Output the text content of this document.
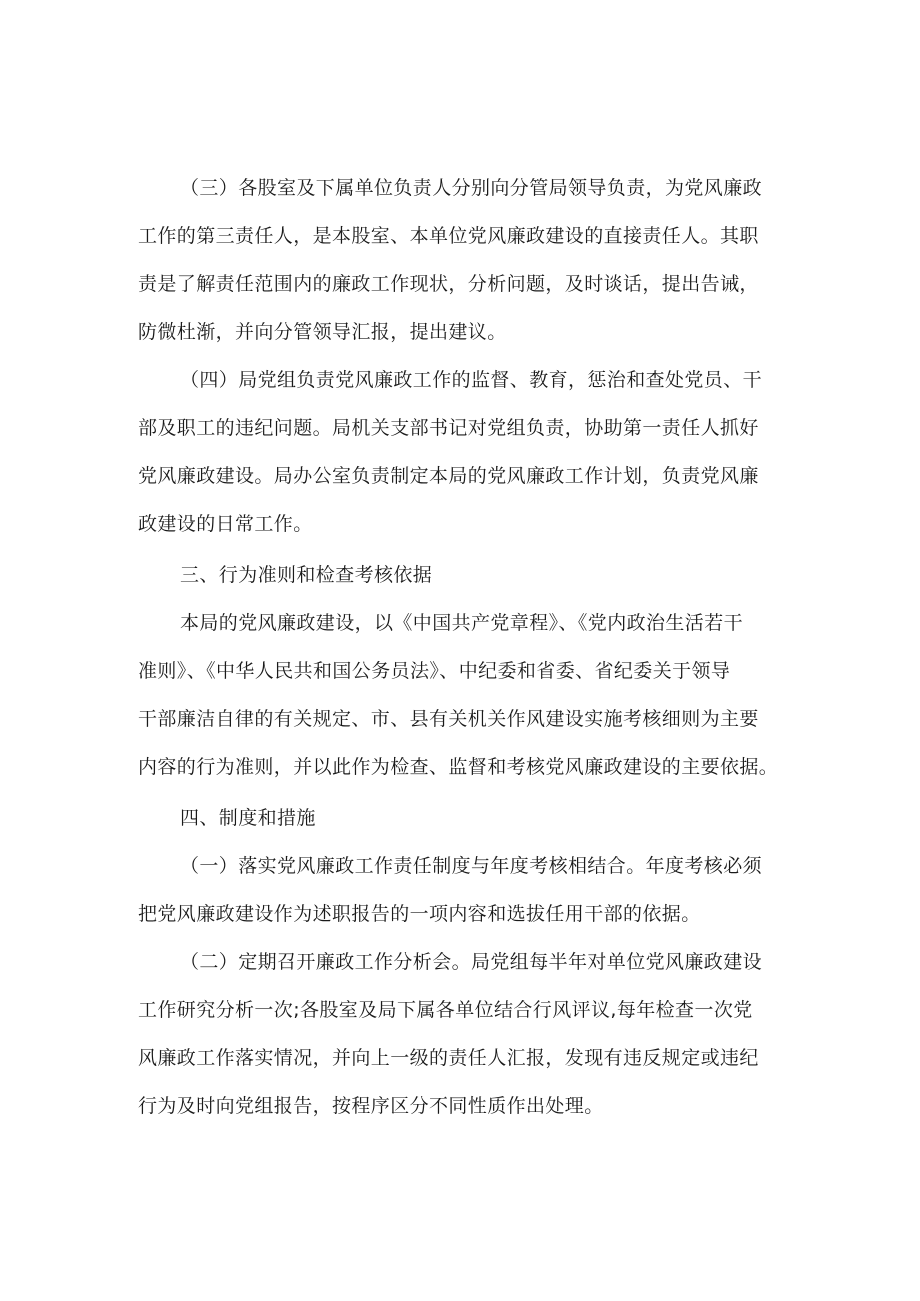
（三）各股室及下属单位负责人分别向分管局领导负责，为党风廉政
工作的第三责任人，是本股室、本单位党风廉政建设的直接责任人。其职
责是了解责任范围内的廉政工作现状，分析问题，及时谈话，提出告诫，
防微杜渐，并向分管领导汇报，提出建议。
（四）局党组负责党风廉政工作的监督、教育，惩治和查处党员、干
部及职工的违纪问题。局机关支部书记对党组负责，协助第一责任人抓好
党风廉政建设。局办公室负责制定本局的党风廉政工作计划，负责党风廉
政建设的日常工作。
三、行为准则和检查考核依据
本局的党风廉政建设，以《中国共产党章程》、《党内政治生活若干
准则》、《中华人民共和国公务员法》、中纪委和省委、省纪委关于领导
干部廉洁自律的有关规定、市、县有关机关作风建设实施考核细则为主要
内容的行为准则，并以此作为检查、监督和考核党风廉政建设的主要依据。
四、制度和措施
（一）落实党风廉政工作责任制度与年度考核相结合。年度考核必须
把党风廉政建设作为述职报告的一项内容和选拔任用干部的依据。
（二）定期召开廉政工作分析会。局党组每半年对单位党风廉政建设
工作研究分析一次;各股室及局下属各单位结合行风评议,每年检查一次党
风廉政工作落实情况，并向上一级的责任人汇报，发现有违反规定或违纪
行为及时向党组报告，按程序区分不同性质作出处理。
